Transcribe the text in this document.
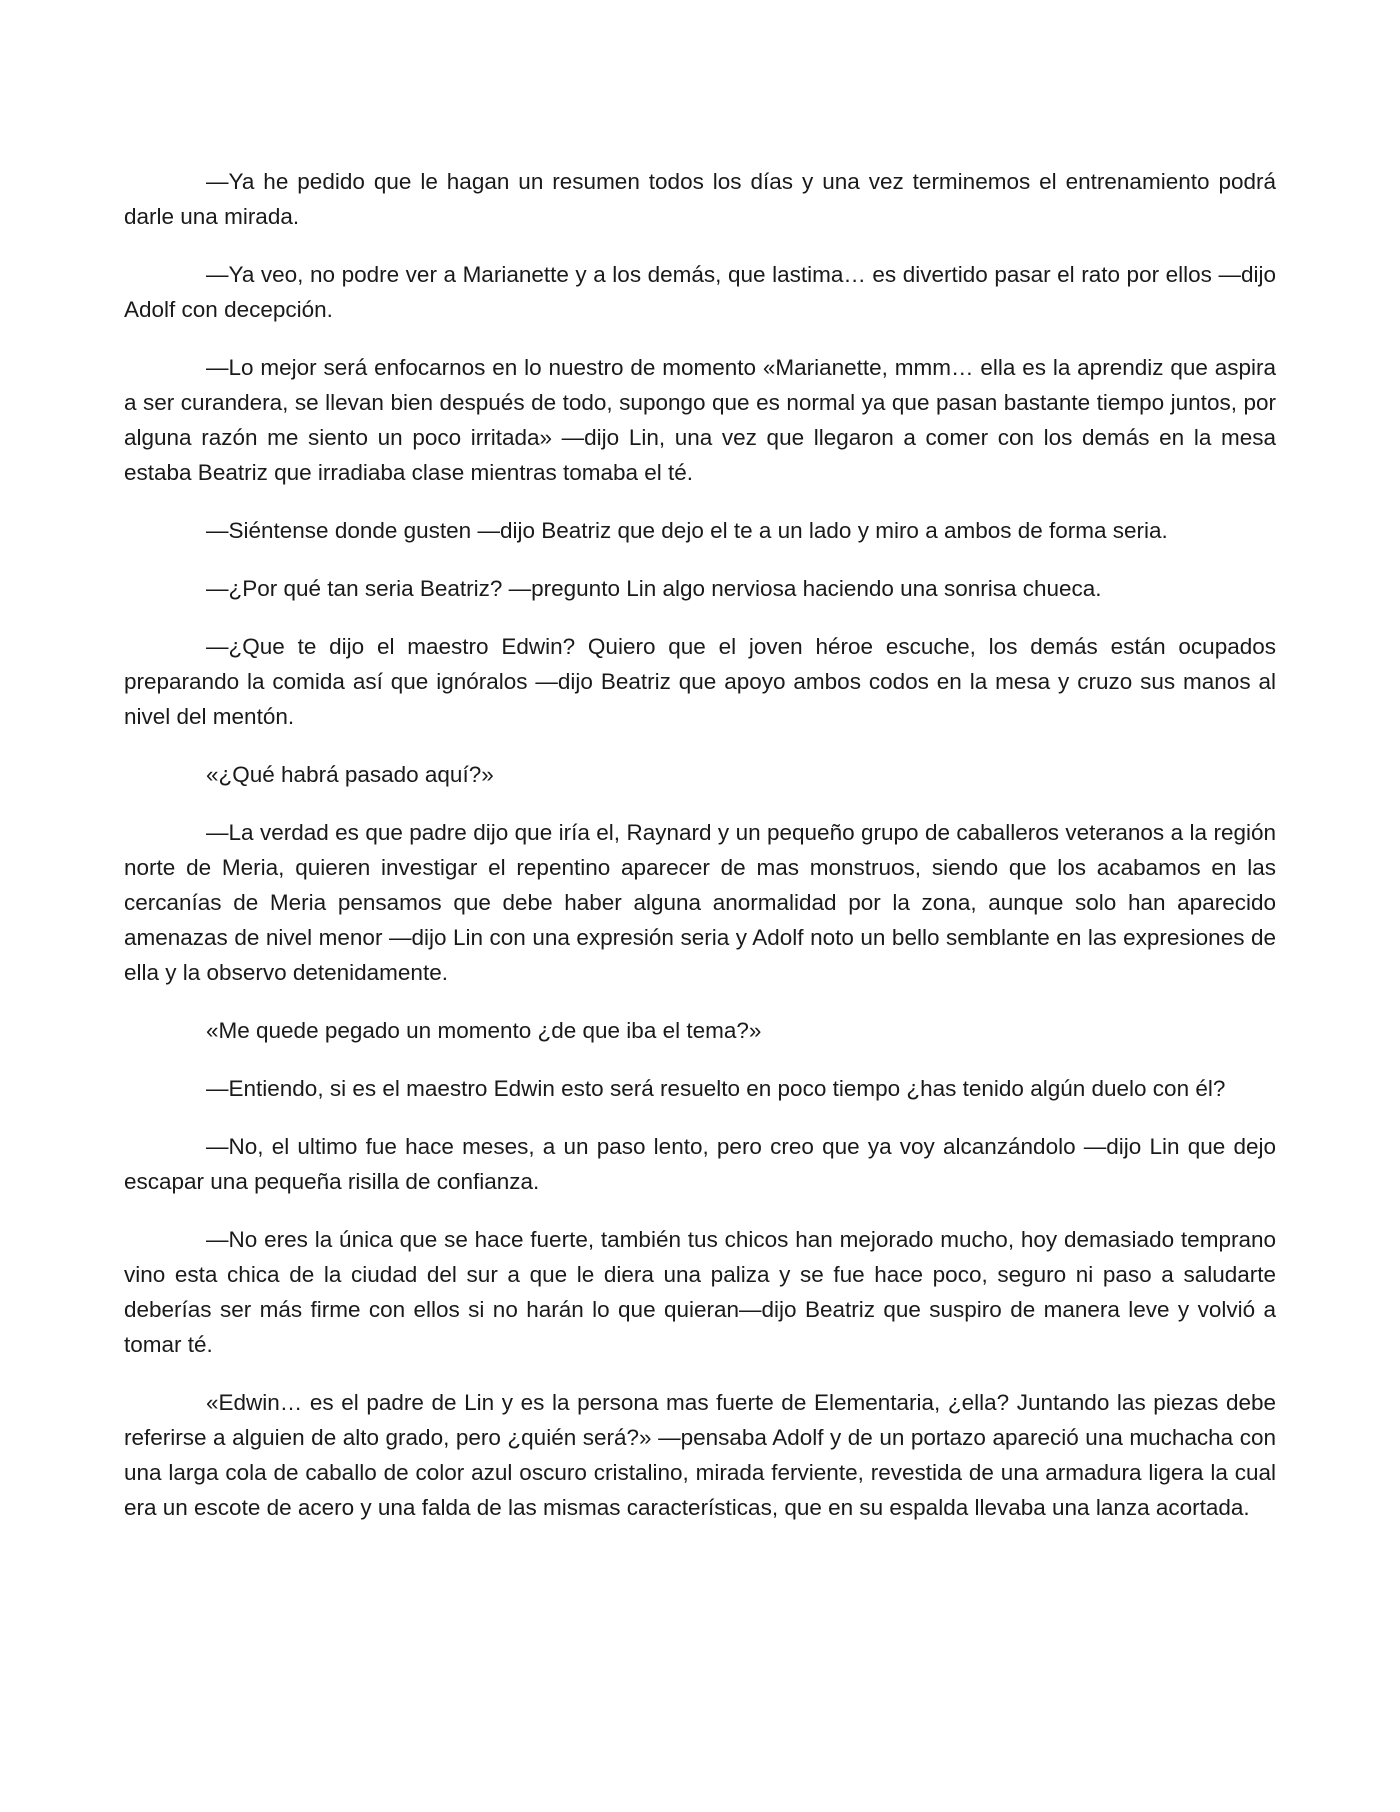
—Ya he pedido que le hagan un resumen todos los días y una vez terminemos el entrenamiento podrá darle una mirada.

—Ya veo, no podre ver a Marianette y a los demás, que lastima… es divertido pasar el rato por ellos —dijo Adolf con decepción.

—Lo mejor será enfocarnos en lo nuestro de momento «Marianette, mmm… ella es la aprendiz que aspira a ser curandera, se llevan bien después de todo, supongo que es normal ya que pasan bastante tiempo juntos, por alguna razón me siento un poco irritada» —dijo Lin, una vez que llegaron a comer con los demás en la mesa estaba Beatriz que irradiaba clase mientras tomaba el té.

—Siéntense donde gusten —dijo Beatriz que dejo el te a un lado y miro a ambos de forma seria.

—¿Por qué tan seria Beatriz? —pregunto Lin algo nerviosa haciendo una sonrisa chueca.

—¿Que te dijo el maestro Edwin? Quiero que el joven héroe escuche, los demás están ocupados preparando la comida así que ignóralos —dijo Beatriz que apoyo ambos codos en la mesa y cruzo sus manos al nivel del mentón.

«¿Qué habrá pasado aquí?»

—La verdad es que padre dijo que iría el, Raynard y un pequeño grupo de caballeros veteranos a la región norte de Meria, quieren investigar el repentino aparecer de mas monstruos, siendo que los acabamos en las cercanías de Meria pensamos que debe haber alguna anormalidad por la zona, aunque solo han aparecido amenazas de nivel menor —dijo Lin con una expresión seria y Adolf noto un bello semblante en las expresiones de ella y la observo detenidamente.

«Me quede pegado un momento ¿de que iba el tema?»

—Entiendo, si es el maestro Edwin esto será resuelto en poco tiempo ¿has tenido algún duelo con él?

—No, el ultimo fue hace meses, a un paso lento, pero creo que ya voy alcanzándolo —dijo Lin que dejo escapar una pequeña risilla de confianza.

—No eres la única que se hace fuerte, también tus chicos han mejorado mucho, hoy demasiado temprano vino esta chica de la ciudad del sur a que le diera una paliza y se fue hace poco, seguro ni paso a saludarte deberías ser más firme con ellos si no harán lo que quieran—dijo Beatriz que suspiro de manera leve y volvió a tomar té.

«Edwin… es el padre de Lin y es la persona mas fuerte de Elementaria, ¿ella? Juntando las piezas debe referirse a alguien de alto grado, pero ¿quién será?» —pensaba Adolf y de un portazo apareció una muchacha con una larga cola de caballo de color azul oscuro cristalino, mirada ferviente, revestida de una armadura ligera la cual era un escote de acero y una falda de las mismas características, que en su espalda llevaba una lanza acortada.
